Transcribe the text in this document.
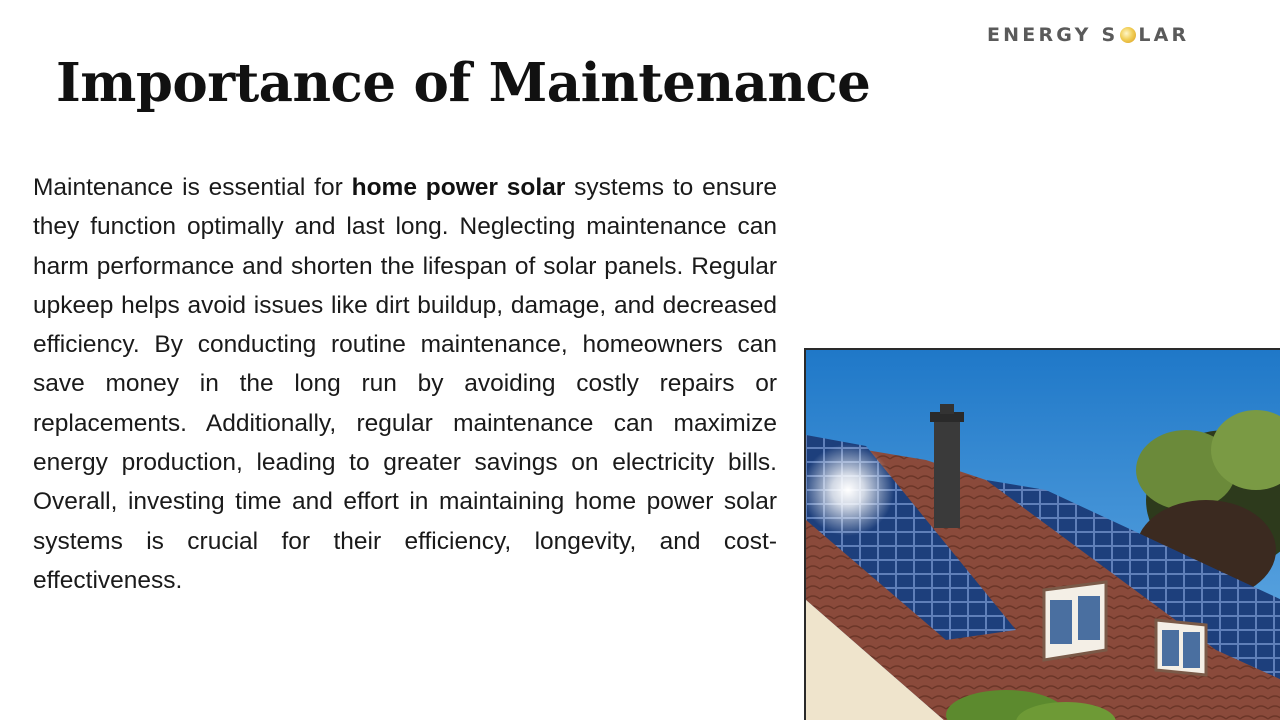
ENERGY S LAR
Importance of Maintenance

Maintenance is essential for home power solar systems to ensure they function optimally and last long. Neglecting maintenance can harm performance and shorten the lifespan of solar panels. Regular upkeep helps avoid issues like dirt buildup, damage, and decreased efficiency. By conducting routine maintenance, homeowners can save money in the long run by avoiding costly repairs or replacements. Additionally, regular maintenance can maximize energy production, leading to greater savings on electricity bills. Overall, investing time and effort in maintaining home power solar systems is crucial for their efficiency, longevity, and cost-effectiveness.
